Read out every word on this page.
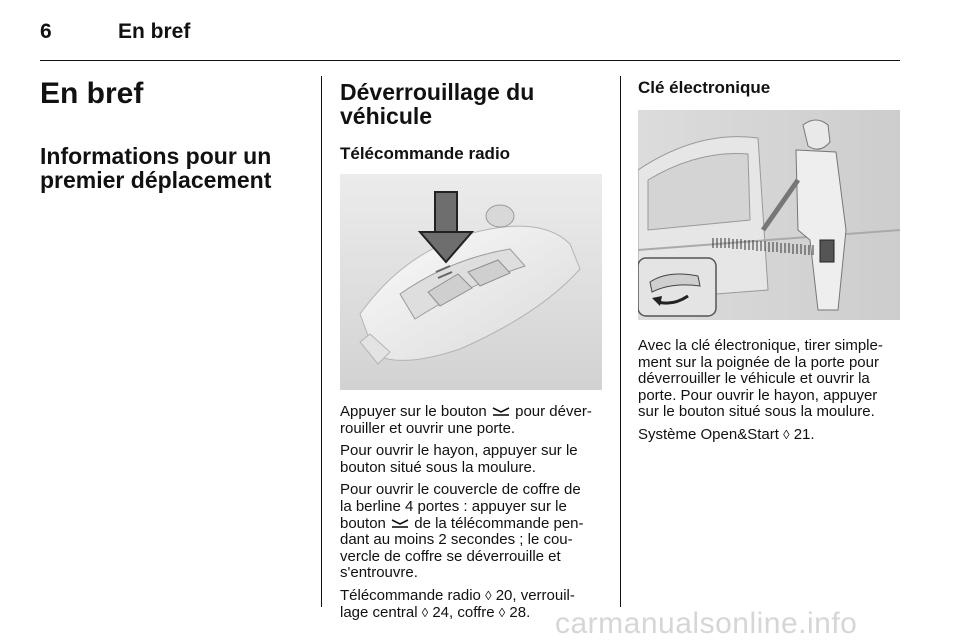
6	En bref
En bref
Informations pour un
premier déplacement
Déverrouillage du véhicule
Télécommande radio

Appuyer sur le bouton pour déver-
rouiller et ouvrir une porte.

Pour ouvrir le hayon, appuyer sur le
bouton situé sous la moulure.

Pour ouvrir le couvercle de coffre de
la berline 4 portes : appuyer sur le
bouton de la télécommande pen-
dant au moins 2 secondes ; le cou-
vercle de coffre se déverrouille et
s'entrouvre.

Télécommande radio ◊ 20, verrouil-
lage central ◊ 24, coffre ◊ 28.

Clé électronique

Avec la clé électronique, tirer simple-
ment sur la poignée de la porte pour
déverrouiller le véhicule et ouvrir la
porte. Pour ouvrir le hayon, appuyer
sur le bouton situé sous la moulure.

Système Open&Start ◊ 21.

carmanualsonline.info
